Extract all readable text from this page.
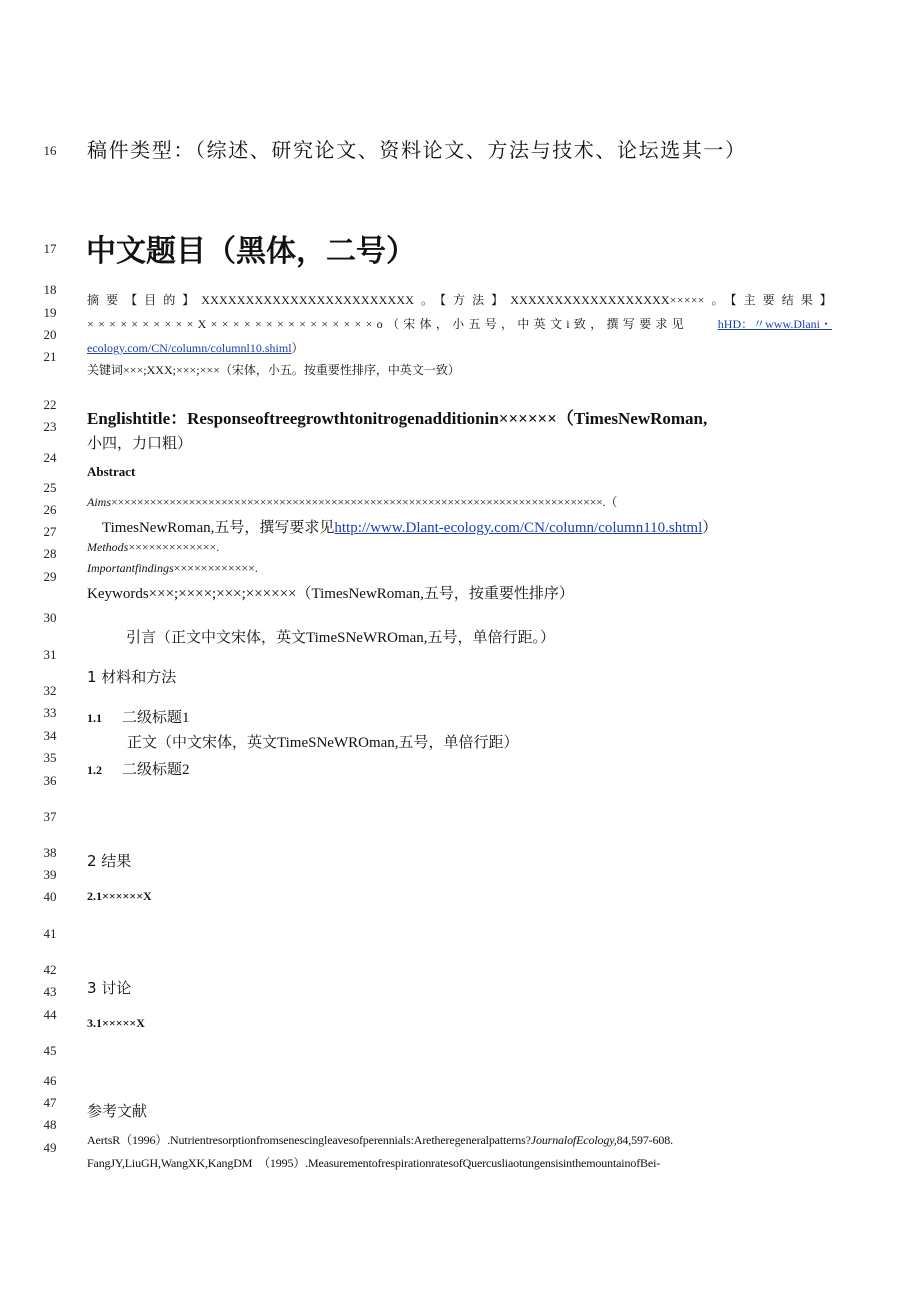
16
17
18
19
20
21
22
23
24
25
26
27
28
29
30
31
32
33
34
35
36
37
38
39
40
41
42
43
44
45
46
47
48
49
稿件类型：（综述、研究论文、资料论文、方法与技术、论坛选其一）
中文题目（黑体，二号）
摘要【目的】XXXXXXXXXXXXXXXXXXXXXXXX。【方法】XXXXXXXXXXXXXXXXXX×××××。【主要结果】
××××××××××X×××××××××××××××o（宋体，小五号，中英文i致，撰写要求见 hHD：〃www.Dlani・
ecology.com/CN/column/columnl10.shiml）
关键词×××;XXX;×××;×××（宋体，小五。按重要性排序，中英文一致）
Englishtitle：Responseoftreegrowthtonitrogenadditionin××××××（TimesNewRoman,
小四，力口粗）
Abstract
Aims××××××××××××××××××××××××××××××××××××××××××××××××××××××××××××××××××××××××××××.（
TimesNewRoman,五号，撰写要求见http://www.Dlant-ecology.com/CN/column/column110.shtml）
Methods×××××××××××××.
Importantfindings××××××××××××.
Keywords×××;××××;×××;××××××（TimesNewRoman,五号，按重要性排序）
引言（正文中文宋体，英文TimeSNeWROman,五号，单倍行距。）
1 材料和方法
1.1 二级标题1
正文（中文宋体，英文TimeSNeWROman,五号，单倍行距）
1.2 二级标题2
2 结果
2.1××××××X
3 讨论
3.1×××××X
参考文献
AertsR（1996）.Nutrientresorptionfromsenescingleavesofperennials:Aretheregeneralpatterns?JournalofEcology,84,597-608.
FangJY,LiuGH,WangXK,KangDM　（1995）.MeasurementofrespirationratesofQuercusliaotungensisinthemountainofBei-
